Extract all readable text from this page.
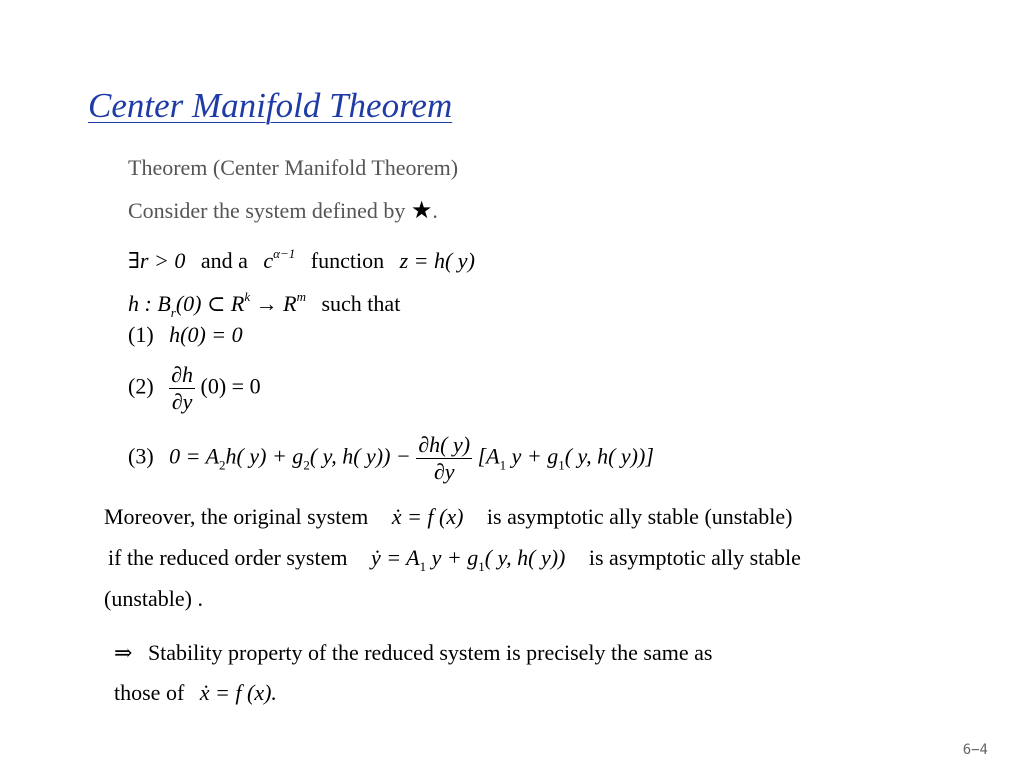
Center Manifold Theorem
Theorem (Center Manifold Theorem)
Consider the system defined by ★.
∃r > 0 and a $c^{\alpha-1}$ function z = h( y)
h : $B_r(0)$ ⊂ $R^k \to R^m$ such that
(1) h(0) = 0
$(2) \frac{\partial h}{\partial y} (0) = 0$
(3) $0 = A_2h$( $y) + g_2$( y, h( $y)) - \frac{\partial h( y)}{\partial y} [A_1$ $y + g_1$( y, h( y))]
Moreover, the original system ẋ = f (x) is asymptotic ally stable (unstable)
if the reduced order system ẏ = $A_1$ $y + g_1$( y, h( y)) is asymptotic ally stable
(unstable) .
⇒ Stability property of the reduced system is precisely the same as
those of ẋ = f (x).
6−4
